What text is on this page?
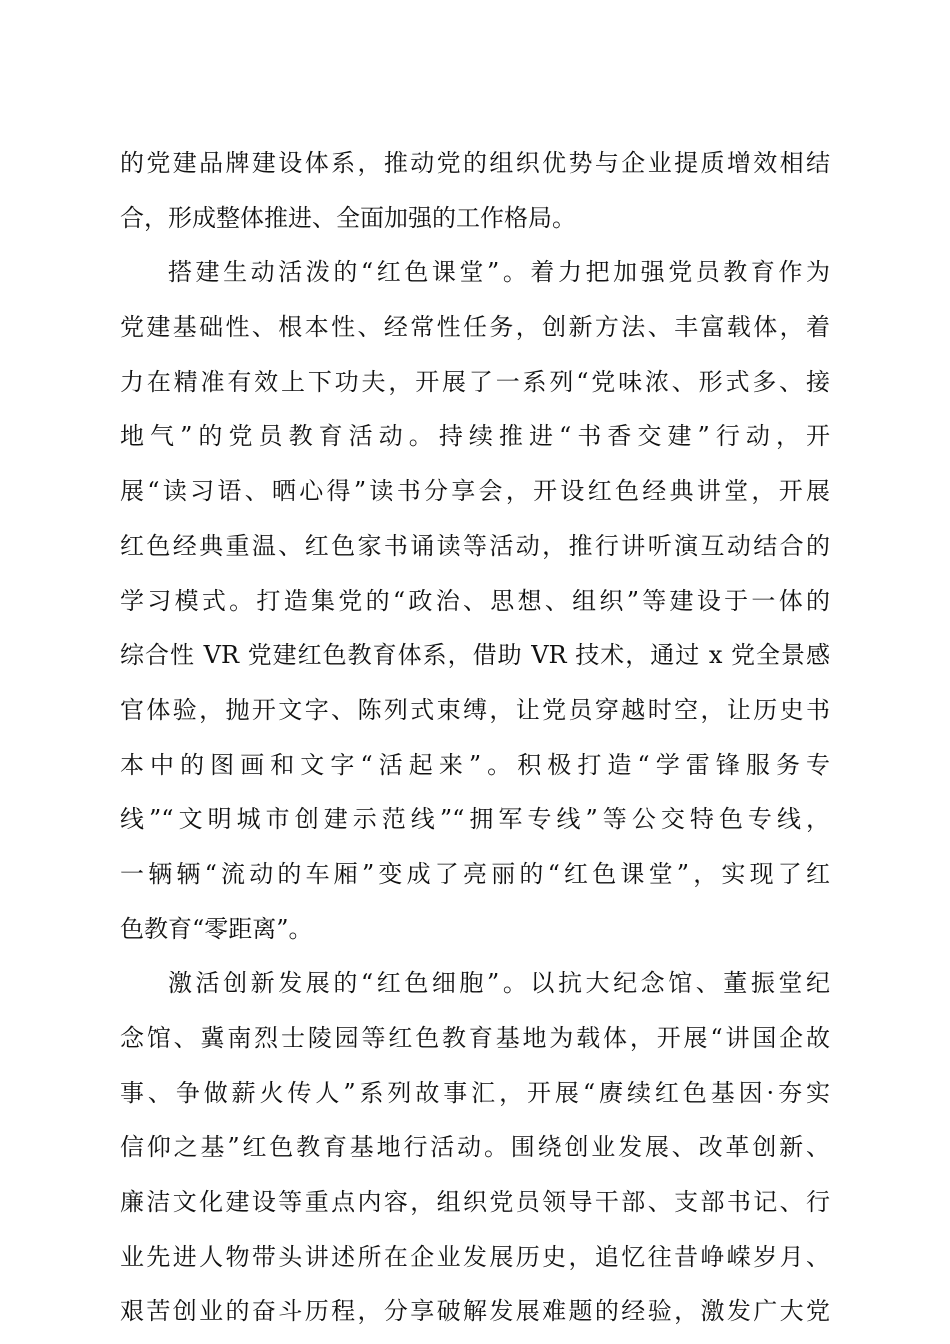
的党建品牌建设体系，推动党的组织优势与企业提质增效相结
合，形成整体推进、全面加强的工作格局。
搭建生动活泼的“红色课堂”。着力把加强党员教育作为
党建基础性、根本性、经常性任务，创新方法、丰富载体，着
力在精准有效上下功夫，开展了一系列“党味浓、形式多、接
地气”的党员教育活动。持续推进“书香交建”行动，开
展“读习语、晒心得”读书分享会，开设红色经典讲堂，开展
红色经典重温、红色家书诵读等活动，推行讲听演互动结合的
学习模式。打造集党的“政治、思想、组织”等建设于一体的
综合性 VR 党建红色教育体系，借助 VR 技术，通过 x 党全景感
官体验，抛开文字、陈列式束缚，让党员穿越时空，让历史书
本中的图画和文字“活起来”。积极打造“学雷锋服务专
线”“文明城市创建示范线”“拥军专线”等公交特色专线，
一辆辆“流动的车厢”变成了亮丽的“红色课堂”，实现了红
色教育“零距离”。
激活创新发展的“红色细胞”。以抗大纪念馆、董振堂纪
念馆、冀南烈士陵园等红色教育基地为载体，开展“讲国企故
事、争做薪火传人”系列故事汇，开展“赓续红色基因·夯实
信仰之基”红色教育基地行活动。围绕创业发展、改革创新、
廉洁文化建设等重点内容，组织党员领导干部、支部书记、行
业先进人物带头讲述所在企业发展历史，追忆往昔峥嵘岁月、
艰苦创业的奋斗历程，分享破解发展难题的经验，激发广大党
